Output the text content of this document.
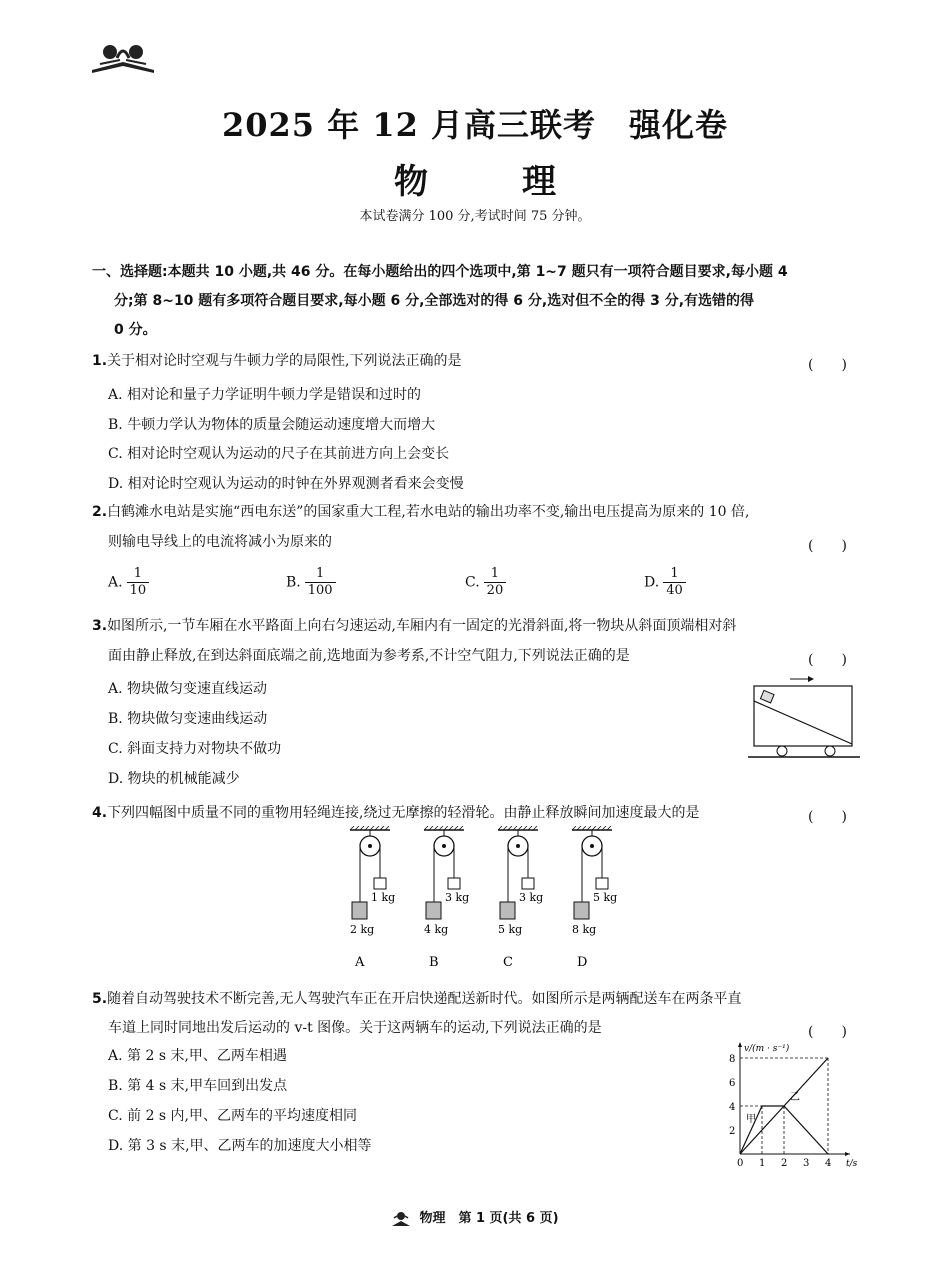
2025 年 12 月高三联考　强化卷
物　理
本试卷满分 100 分,考试时间 75 分钟。
一、选择题:本题共 10 小题,共 46 分。在每小题给出的四个选项中,第 1~7 题只有一项符合题目要求,每小题 4
分;第 8~10 题有多项符合题目要求,每小题 6 分,全部选对的得 6 分,选对但不全的得 3 分,有选错的得
0 分。
1.关于相对论时空观与牛顿力学的局限性,下列说法正确的是	(　　)
A. 相对论和量子力学证明牛顿力学是错误和过时的
B. 牛顿力学认为物体的质量会随运动速度增大而增大
C. 相对论时空观认为运动的尺子在其前进方向上会变长
D. 相对论时空观认为运动的时钟在外界观测者看来会变慢
2.白鹤滩水电站是实施“西电东送”的国家重大工程,若水电站的输出功率不变,输出电压提高为原来的 10 倍,
则输电导线上的电流将减小为原来的	(　　)
A. $\frac{1}{10}$	B. $\frac{1}{100}$	C. $\frac{1}{20}$	D. $\frac{1}{40}$
3.如图所示,一节车厢在水平路面上向右匀速运动,车厢内有一固定的光滑斜面,将一物块从斜面顶端相对斜
面由静止释放,在到达斜面底端之前,选地面为参考系,不计空气阻力,下列说法正确的是	(　　)
A. 物块做匀变速直线运动
B. 物块做匀变速曲线运动
C. 斜面支持力对物块不做功
D. 物块的机械能减少
4.下列四幅图中质量不同的重物用轻绳连接,绕过无摩擦的轻滑轮。由静止释放瞬间加速度最大的是	(　　)
2 kg
1 kg
A
4 kg
3 kg
B
5 kg
3 kg
C
8 kg
5 kg
D
5.随着自动驾驶技术不断完善,无人驾驶汽车正在开启快递配送新时代。如图所示是两辆配送车在两条平直
车道上同时同地出发后运动的 v-t 图像。关于这两辆车的运动,下列说法正确的是	(　　)
A. 第 2 s 末,甲、乙两车相遇
B. 第 4 s 末,甲车回到出发点
C. 前 2 s 内,甲、乙两车的平均速度相同
D. 第 3 s 末,甲、乙两车的加速度大小相等
v/(m · s⁻¹)
t/s
0 1 2 3 4
2
4
6
8
甲
乙
物理　第 1 页(共 6 页)
